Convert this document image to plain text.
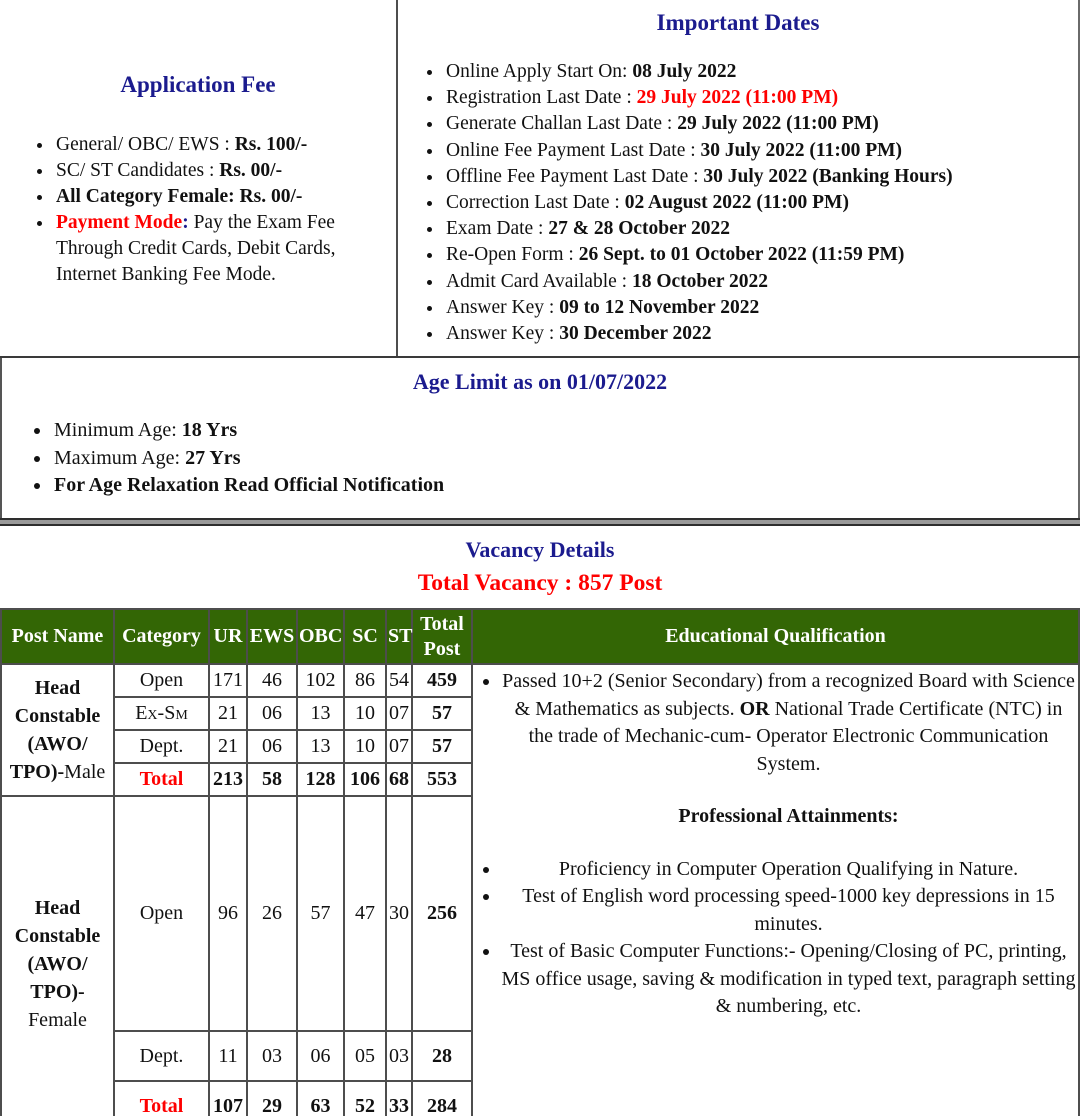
Application Fee
• General/ OBC/ EWS : Rs. 100/-
• SC/ ST Candidates : Rs. 00/-
• All Category Female: Rs. 00/-
• Payment Mode: Pay the Exam Fee Through Credit Cards, Debit Cards, Internet Banking Fee Mode.
Important Dates
• Online Apply Start On: 08 July 2022
• Registration Last Date : 29 July 2022 (11:00 PM)
• Generate Challan Last Date : 29 July 2022 (11:00 PM)
• Online Fee Payment Last Date : 30 July 2022 (11:00 PM)
• Offline Fee Payment Last Date : 30 July 2022 (Banking Hours)
• Correction Last Date : 02 August 2022 (11:00 PM)
• Exam Date : 27 & 28 October 2022
• Re-Open Form : 26 Sept. to 01 October 2022 (11:59 PM)
• Admit Card Available : 18 October 2022
• Answer Key : 09 to 12 November 2022
• Answer Key : 30 December 2022
Age Limit as on 01/07/2022
• Minimum Age: 18 Yrs
• Maximum Age: 27 Yrs
• For Age Relaxation Read Official Notification
Vacancy Details
Total Vacancy : 857 Post
Post Name	Category	UR	EWS	OBC	SC	ST	Total Post	Educational Qualification
Head Constable (AWO/ TPO)-Male	Open	171	46	102	86	54	459	
•Passed 10+2 (Senior Secondary) from a recognized Board with Science & Mathematics as subjects. OR National Trade Certificate (NTC) in the trade of Mechanic-cum- Operator Electronic Communication System.
Professional Attainments:
• Proficiency in Computer Operation Qualifying in Nature.
• Test of English word processing speed-1000 key depressions in 15 minutes.
• Test of Basic Computer Functions:- Opening/Closing of PC, printing, MS office usage, saving & modification in typed text, paragraph setting & numbering, etc.

	Ex-Sm	21	06	13	10	07	57	
	Dept.	21	06	13	10	07	57	
	Total	213	58	128	106	68	553	
Head Constable (AWO/ TPO)-Female	Open	96	26	57	47	30	256	
	Dept.	11	03	06	05	03	28	
	Total	107	29	63	52	33	284	
